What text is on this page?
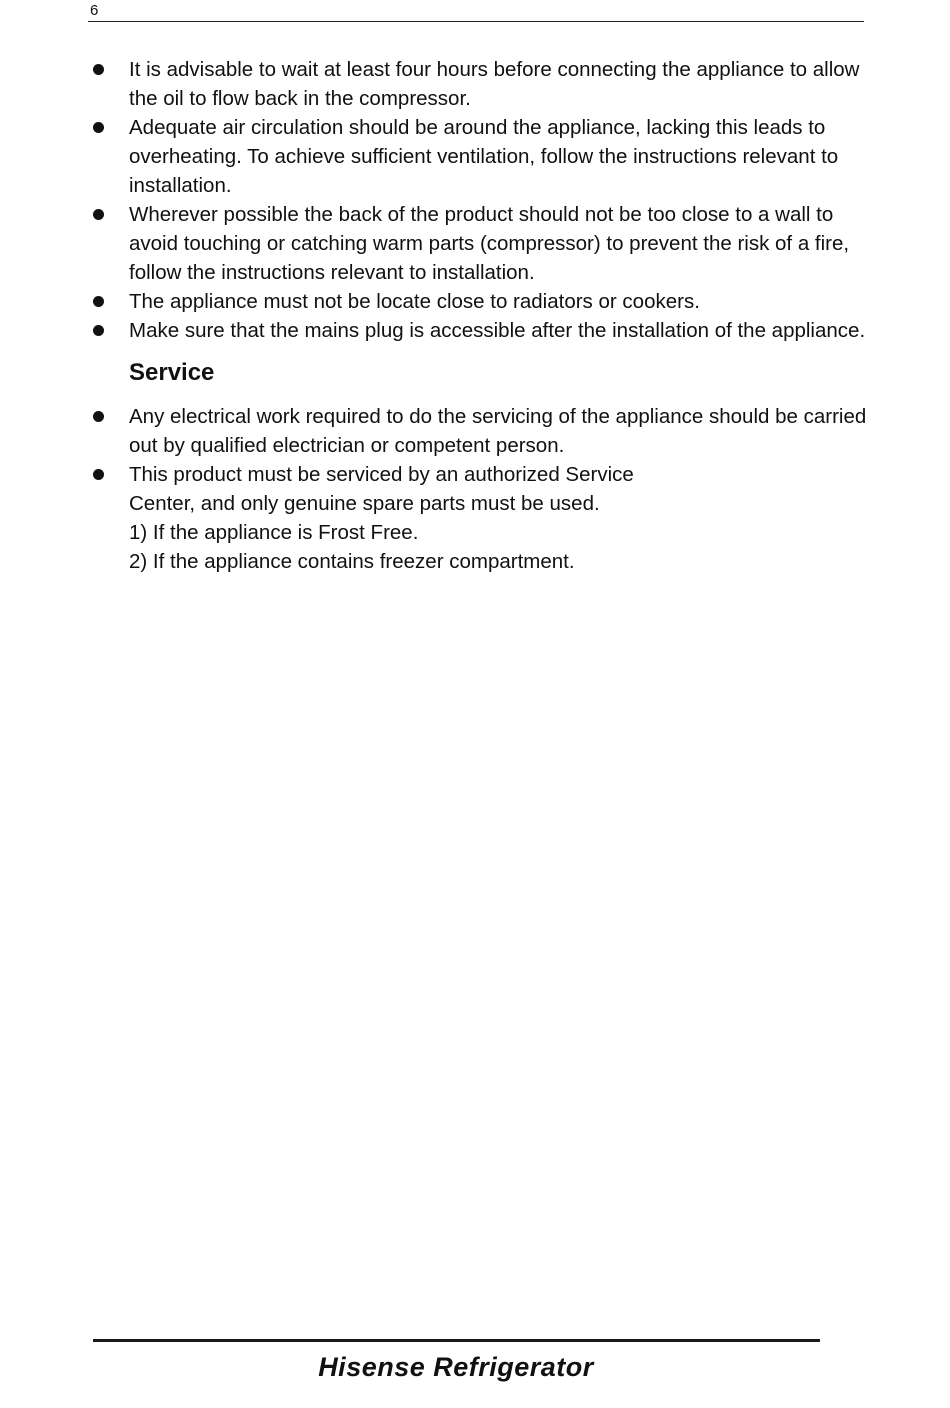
6
It is advisable to wait at least four hours before connecting the appliance to allow the oil to flow back in the compressor.
Adequate air circulation should be around the appliance, lacking this leads to overheating. To achieve sufficient ventilation, follow the instructions relevant to installation.
Wherever possible the back of the product should not be too close to a wall to avoid touching or catching warm parts (compressor) to prevent the risk of a fire, follow the instructions relevant to installation.
The appliance must not be locate close to radiators or cookers.
Make sure that the mains plug is accessible after the installation of the appliance.
Service
Any electrical work required to do the servicing of the appliance should be carried out by qualified electrician or competent person.
This product must be serviced by an authorized Service Center, and only genuine spare parts must be used.
1) If the appliance is Frost Free.
2) If the appliance contains freezer compartment.
Hisense Refrigerator
